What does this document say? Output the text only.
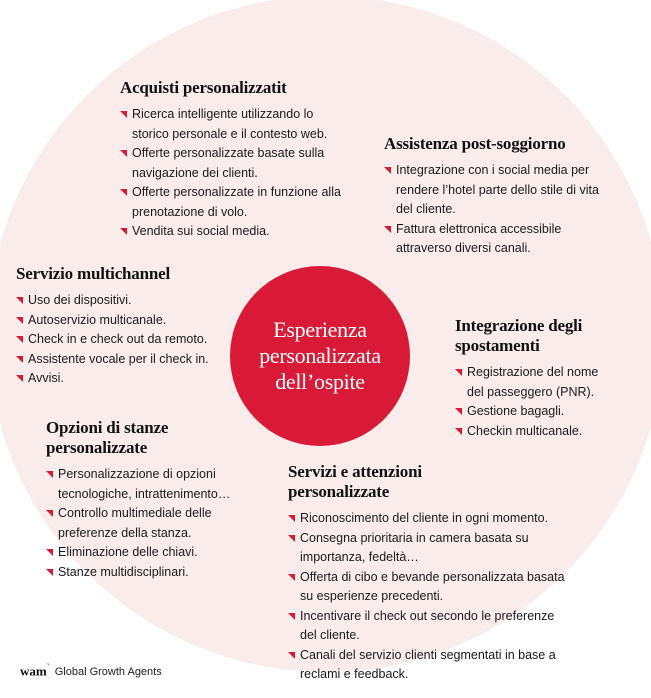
Esperienza
personalizzata
dell’ospite
Acquisti personalizzatit
Ricerca intelligente utilizzando lo
storico personale e il contesto web.
Offerte personalizzate basate sulla
navigazione dei clienti.
Offerte personalizzate in funzione alla
prenotazione di volo.
Vendita sui social media.
Assistenza post-soggiorno
Integrazione con i social media per
rendere l’hotel parte dello stile di vita
del cliente.
Fattura elettronica accessibile
attraverso diversi canali.
Servizio multichannel
Uso dei dispositivi.
Autoservizio multicanale.
Check in e check out da remoto.
Assistente vocale per il check in.
Avvisi.
Integrazione degli
spostamenti
Registrazione del nome
del passeggero (PNR).
Gestione bagagli.
Checkin multicanale.
Opzioni di stanze
personalizzate
Personalizzazione di opzioni
tecnologiche, intrattenimento…
Controllo multimediale delle
preferenze della stanza.
Eliminazione delle chiavi.
Stanze multidisciplinari.
Servizi e attenzioni
personalizzate
Riconoscimento del cliente in ogni momento.
Consegna prioritaria in camera basata su
importanza, fedeltà…
Offerta di cibo e bevande personalizzata basata
su esperienze precedenti.
Incentivare il check out secondo le preferenze
del cliente.
Canali del servizio clienti segmentati in base a
reclami e feedback.
wam$^ˋ$ Global Growth Agents
